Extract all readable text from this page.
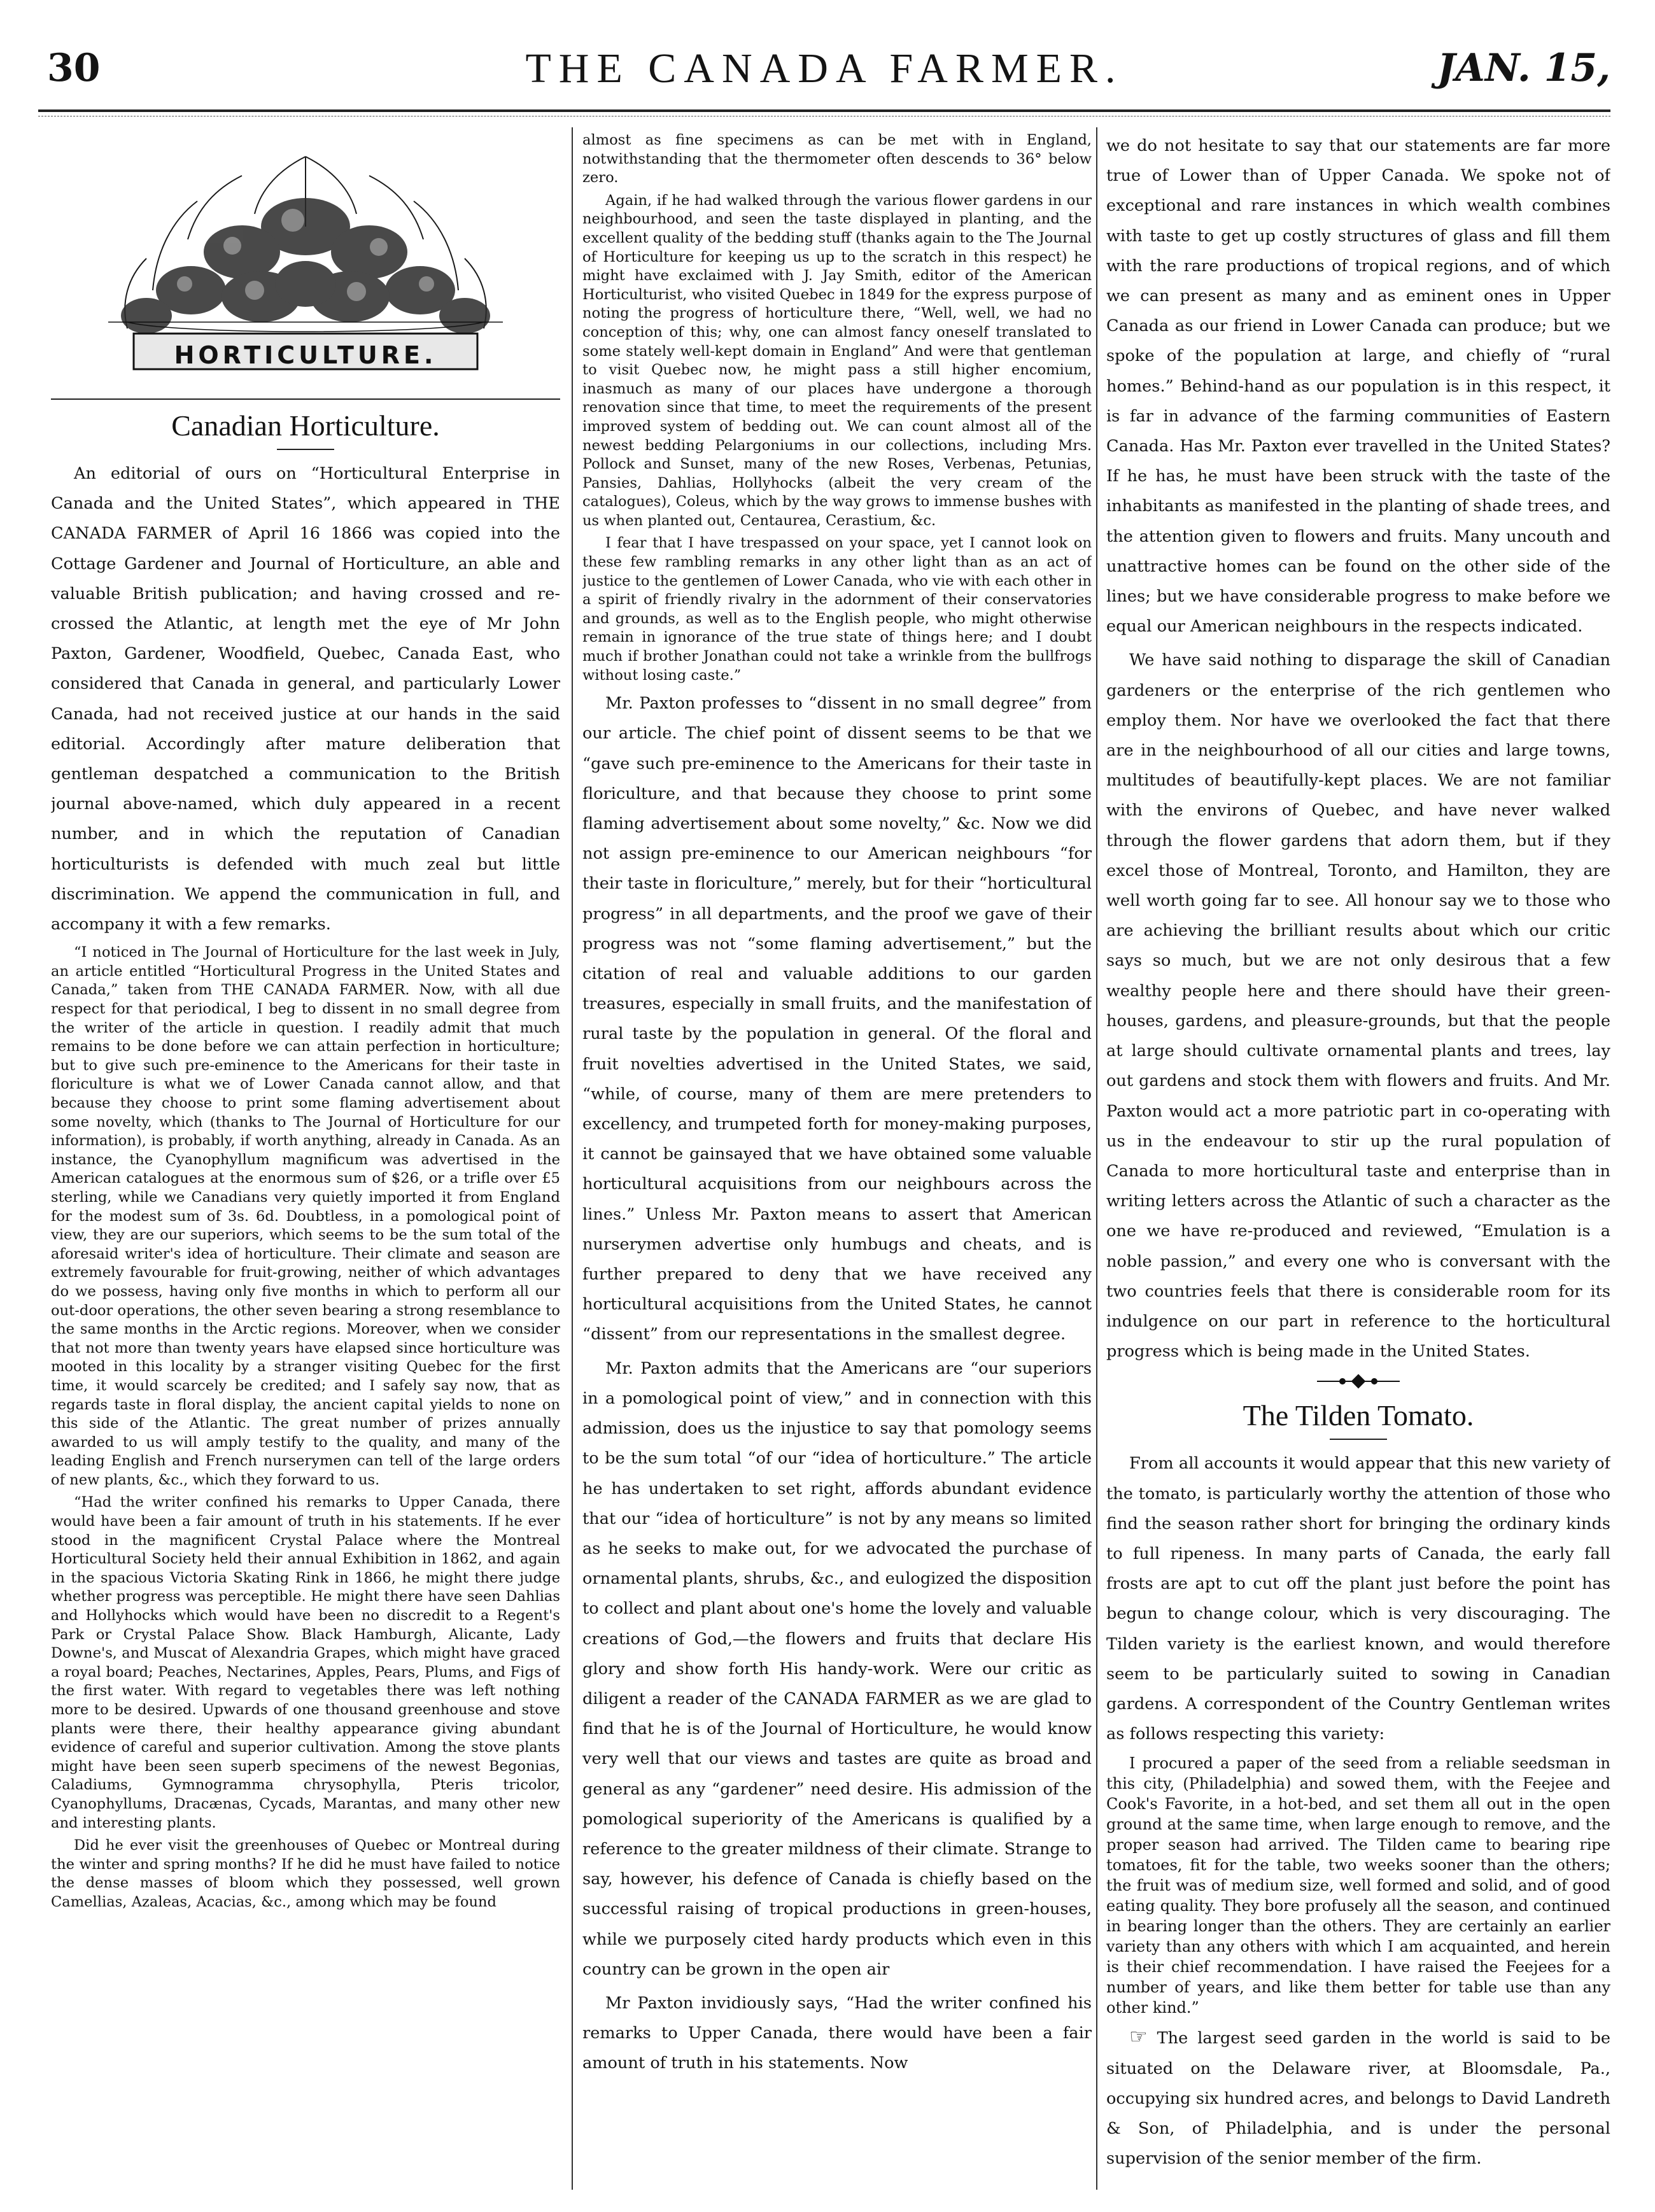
30	THE CANADA FARMER.	JAN. 15,
HORTICULTURE.
Canadian Horticulture.

An editorial of ours on “Horticultural Enterprise in Canada and the United States”, which appeared in THE CANADA FARMER of April 16 1866 was copied into the Cottage Gardener and Journal of Horticulture, an able and valuable British publication; and having crossed and re-crossed the Atlantic, at length met the eye of Mr John Paxton, Gardener, Woodfield, Quebec, Canada East, who considered that Canada in general, and particularly Lower Canada, had not received justice at our hands in the said editorial. Accordingly after mature deliberation that gentleman despatched a communication to the British journal above-named, which duly appeared in a recent number, and in which the reputation of Canadian horticulturists is defended with much zeal but little discrimination. We append the communication in full, and accompany it with a few remarks.

“I noticed in The Journal of Horticulture for the last week in July, an article entitled “Horticultural Progress in the United States and Canada,” taken from THE CANADA FARMER. Now, with all due respect for that periodical, I beg to dissent in no small degree from the writer of the article in question. I readily admit that much remains to be done before we can attain perfection in horticulture; but to give such pre-eminence to the Americans for their taste in floriculture is what we of Lower Canada cannot allow, and that because they choose to print some flaming advertisement about some novelty, which (thanks to The Journal of Horticulture for our information), is probably, if worth anything, already in Canada. As an instance, the Cyanophyllum magnificum was advertised in the American catalogues at the enormous sum of $26, or a trifle over £5 sterling, while we Canadians very quietly imported it from England for the modest sum of 3s. 6d. Doubtless, in a pomological point of view, they are our superiors, which seems to be the sum total of the aforesaid writer's idea of horticulture. Their climate and season are extremely favourable for fruit-growing, neither of which advantages do we possess, having only five months in which to perform all our out-door operations, the other seven bearing a strong resemblance to the same months in the Arctic regions. Moreover, when we consider that not more than twenty years have elapsed since horticulture was mooted in this locality by a stranger visiting Quebec for the first time, it would scarcely be credited; and I safely say now, that as regards taste in floral display, the ancient capital yields to none on this side of the Atlantic. The great number of prizes annually awarded to us will amply testify to the quality, and many of the leading English and French nurserymen can tell of the large orders of new plants, &c., which they forward to us.

“Had the writer confined his remarks to Upper Canada, there would have been a fair amount of truth in his statements. If he ever stood in the magnificent Crystal Palace where the Montreal Horticultural Society held their annual Exhibition in 1862, and again in the spacious Victoria Skating Rink in 1866, he might there judge whether progress was perceptible. He might there have seen Dahlias and Hollyhocks which would have been no discredit to a Regent's Park or Crystal Palace Show. Black Hamburgh, Alicante, Lady Downe's, and Muscat of Alexandria Grapes, which might have graced a royal board; Peaches, Nectarines, Apples, Pears, Plums, and Figs of the first water. With regard to vegetables there was left nothing more to be desired. Upwards of one thousand greenhouse and stove plants were there, their healthy appearance giving abundant evidence of careful and superior cultivation. Among the stove plants might have been seen superb specimens of the newest Begonias, Caladiums, Gymnogramma chrysophylla, Pteris tricolor, Cyanophyllums, Dracænas, Cycads, Marantas, and many other new and interesting plants.

Did he ever visit the greenhouses of Quebec or Montreal during the winter and spring months? If he did he must have failed to notice the dense masses of bloom which they possessed, well grown Camellias, Azaleas, Acacias, &c., among which may be found

almost as fine specimens as can be met with in England, notwithstanding that the thermometer often descends to 36° below zero.

Again, if he had walked through the various flower gardens in our neighbourhood, and seen the taste displayed in planting, and the excellent quality of the bedding stuff (thanks again to the The Journal of Horticulture for keeping us up to the scratch in this respect) he might have exclaimed with J. Jay Smith, editor of the American Horticulturist, who visited Quebec in 1849 for the express purpose of noting the progress of horticulture there, “Well, well, we had no conception of this; why, one can almost fancy oneself translated to some stately well-kept domain in England” And were that gentleman to visit Quebec now, he might pass a still higher encomium, inasmuch as many of our places have undergone a thorough renovation since that time, to meet the requirements of the present improved system of bedding out. We can count almost all of the newest bedding Pelargoniums in our collections, including Mrs. Pollock and Sunset, many of the new Roses, Verbenas, Petunias, Pansies, Dahlias, Hollyhocks (albeit the very cream of the catalogues), Coleus, which by the way grows to immense bushes with us when planted out, Centaurea, Cerastium, &c.

I fear that I have trespassed on your space, yet I cannot look on these few rambling remarks in any other light than as an act of justice to the gentlemen of Lower Canada, who vie with each other in a spirit of friendly rivalry in the adornment of their conservatories and grounds, as well as to the English people, who might otherwise remain in ignorance of the true state of things here; and I doubt much if brother Jonathan could not take a wrinkle from the bullfrogs without losing caste.”

Mr. Paxton professes to “dissent in no small degree” from our article. The chief point of dissent seems to be that we “gave such pre-eminence to the Americans for their taste in floriculture, and that because they choose to print some flaming advertisement about some novelty,” &c. Now we did not assign pre-eminence to our American neighbours “for their taste in floriculture,” merely, but for their “horticultural progress” in all departments, and the proof we gave of their progress was not “some flaming advertisement,” but the citation of real and valuable additions to our garden treasures, especially in small fruits, and the manifestation of rural taste by the population in general. Of the floral and fruit novelties advertised in the United States, we said, “while, of course, many of them are mere pretenders to excellency, and trumpeted forth for money-making purposes, it cannot be gainsayed that we have obtained some valuable horticultural acquisitions from our neighbours across the lines.” Unless Mr. Paxton means to assert that American nurserymen advertise only humbugs and cheats, and is further prepared to deny that we have received any horticultural acquisitions from the United States, he cannot “dissent” from our representations in the smallest degree.

Mr. Paxton admits that the Americans are “our superiors in a pomological point of view,” and in connection with this admission, does us the injustice to say that pomology seems to be the sum total “of our “idea of horticulture.” The article he has undertaken to set right, affords abundant evidence that our “idea of horticulture” is not by any means so limited as he seeks to make out, for we advocated the purchase of ornamental plants, shrubs, &c., and eulogized the disposition to collect and plant about one's home the lovely and valuable creations of God,—the flowers and fruits that declare His glory and show forth His handy-work. Were our critic as diligent a reader of the CANADA FARMER as we are glad to find that he is of the Journal of Horticulture, he would know very well that our views and tastes are quite as broad and general as any “gardener” need desire. His admission of the pomological superiority of the Americans is qualified by a reference to the greater mildness of their climate. Strange to say, however, his defence of Canada is chiefly based on the successful raising of tropical productions in green-houses, while we purposely cited hardy products which even in this country can be grown in the open air

Mr Paxton invidiously says, “Had the writer confined his remarks to Upper Canada, there would have been a fair amount of truth in his statements. Now

we do not hesitate to say that our statements are far more true of Lower than of Upper Canada. We spoke not of exceptional and rare instances in which wealth combines with taste to get up costly structures of glass and fill them with the rare productions of tropical regions, and of which we can present as many and as eminent ones in Upper Canada as our friend in Lower Canada can produce; but we spoke of the population at large, and chiefly of “rural homes.” Behind-hand as our population is in this respect, it is far in advance of the farming communities of Eastern Canada. Has Mr. Paxton ever travelled in the United States? If he has, he must have been struck with the taste of the inhabitants as manifested in the planting of shade trees, and the attention given to flowers and fruits. Many uncouth and unattractive homes can be found on the other side of the lines; but we have considerable progress to make before we equal our American neighbours in the respects indicated.

We have said nothing to disparage the skill of Canadian gardeners or the enterprise of the rich gentlemen who employ them. Nor have we overlooked the fact that there are in the neighbourhood of all our cities and large towns, multitudes of beautifully-kept places. We are not familiar with the environs of Quebec, and have never walked through the flower gardens that adorn them, but if they excel those of Montreal, Toronto, and Hamilton, they are well worth going far to see. All honour say we to those who are achieving the brilliant results about which our critic says so much, but we are not only desirous that a few wealthy people here and there should have their green-houses, gardens, and pleasure-grounds, but that the people at large should cultivate ornamental plants and trees, lay out gardens and stock them with flowers and fruits. And Mr. Paxton would act a more patriotic part in co-operating with us in the endeavour to stir up the rural population of Canada to more horticultural taste and enterprise than in writing letters across the Atlantic of such a character as the one we have re-produced and reviewed, “Emulation is a noble passion,” and every one who is conversant with the two countries feels that there is considerable room for its indulgence on our part in reference to the horticultural progress which is being made in the United States.

The Tilden Tomato.

From all accounts it would appear that this new variety of the tomato, is particularly worthy the attention of those who find the season rather short for bringing the ordinary kinds to full ripeness. In many parts of Canada, the early fall frosts are apt to cut off the plant just before the point has begun to change colour, which is very discouraging. The Tilden variety is the earliest known, and would therefore seem to be particularly suited to sowing in Canadian gardens. A correspondent of the Country Gentleman writes as follows respecting this variety:

I procured a paper of the seed from a reliable seedsman in this city, (Philadelphia) and sowed them, with the Feejee and Cook's Favorite, in a hot-bed, and set them all out in the open ground at the same time, when large enough to remove, and the proper season had arrived. The Tilden came to bearing ripe tomatoes, fit for the table, two weeks sooner than the others; the fruit was of medium size, well formed and solid, and of good eating quality. They bore profusely all the season, and continued in bearing longer than the others. They are certainly an earlier variety than any others with which I am acquainted, and herein is their chief recommendation. I have raised the Feejees for a number of years, and like them better for table use than any other kind.”

☞ The largest seed garden in the world is said to be situated on the Delaware river, at Bloomsdale, Pa., occupying six hundred acres, and belongs to David Landreth & Son, of Philadelphia, and is under the personal supervision of the senior member of the firm.
